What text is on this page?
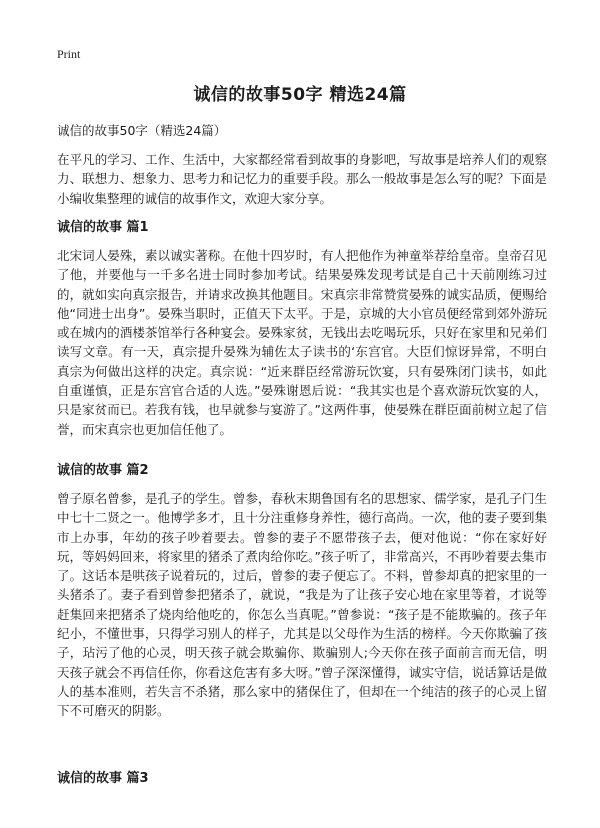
Print
诚信的故事50字 精选24篇
诚信的故事50字（精选24篇）
在平凡的学习、工作、生活中，大家都经常看到故事的身影吧，写故事是培养人们的观察力、联想力、想象力、思考力和记忆力的重要手段。那么一般故事是怎么写的呢？下面是小编收集整理的诚信的故事作文，欢迎大家分享。
诚信的故事 篇1
北宋词人晏殊，素以诚实著称。在他十四岁时，有人把他作为神童举荐给皇帝。皇帝召见了他，并要他与一千多名进士同时参加考试。结果晏殊发现考试是自己十天前刚练习过的，就如实向真宗报告，并请求改换其他题目。宋真宗非常赞赏晏殊的诚实品质，便赐给他“同进士出身”。晏殊当职时，正值天下太平。于是，京城的大小官员便经常到郊外游玩或在城内的酒楼茶馆举行各种宴会。晏殊家贫，无钱出去吃喝玩乐，只好在家里和兄弟们读写文章。有一天，真宗提升晏殊为辅佐太子读书的‘东宫官。大臣们惊讶异常，不明白真宗为何做出这样的决定。真宗说：“近来群臣经常游玩饮宴，只有晏殊闭门读书，如此自重谨慎，正是东宫官合适的人选。”晏殊谢恩后说：“我其实也是个喜欢游玩饮宴的人，只是家贫而已。若我有钱，也早就参与宴游了。”这两件事，使晏殊在群臣面前树立起了信誉，而宋真宗也更加信任他了。
诚信的故事 篇2
曾子原名曾参，是孔子的学生。曾参，春秋末期鲁国有名的思想家、儒学家，是孔子门生中七十二贤之一。他博学多才，且十分注重修身养性，德行高尚。一次，他的妻子要到集市上办事，年幼的孩子吵着要去。曾参的妻子不愿带孩子去，便对他说：“你在家好好玩，等妈妈回来，将家里的猪杀了煮肉给你吃。”孩子听了，非常高兴，不再吵着要去集市了。这话本是哄孩子说着玩的，过后，曾参的妻子便忘了。不料，曾参却真的把家里的一头猪杀了。妻子看到曾参把猪杀了，就说，“我是为了让孩子安心地在家里等着，才说等赶集回来把猪杀了烧肉给他吃的，你怎么当真呢。”曾参说：“孩子是不能欺骗的。孩子年纪小，不懂世事，只得学习别人的样子，尤其是以父母作为生活的榜样。今天你欺骗了孩子，玷污了他的心灵，明天孩子就会欺骗你、欺骗别人;今天你在孩子面前言而无信，明天孩子就会不再信任你，你看这危害有多大呀。”曾子深深懂得，诚实守信，说话算话是做人的基本准则，若失言不杀猪，那么家中的猪保住了，但却在一个纯洁的孩子的心灵上留下不可磨灭的阴影。
诚信的故事 篇3
